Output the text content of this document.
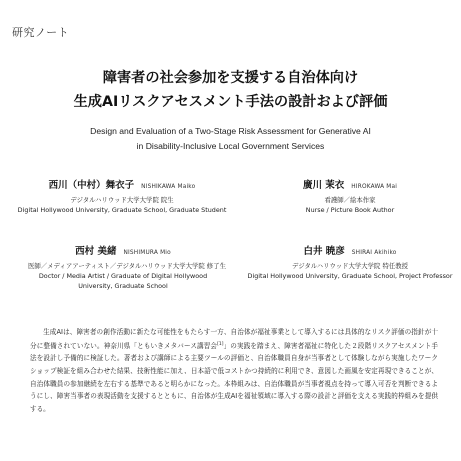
研究ノート
障害者の社会参加を支援する自治体向け
生成AIリスクアセスメント手法の設計および評価
Design and Evaluation of a Two-Stage Risk Assessment for Generative AI
in Disability-Inclusive Local Government Services
西川（中村）舞衣子 NISHIKAWA Maiko
デジタルハリウッド大学大学院 院生
Digital Hollywood University, Graduate School, Graduate Student
廣川 茉衣 HIROKAWA Mai
看護師／絵本作家
Nurse / Picture Book Author
西村 美緒 NISHIMURA Mio
医師／メディアアーティスト／デジタルハリウッド大学大学院 修了生
Doctor / Media Artist / Graduate of Digital Hollywood University, Graduate School
白井 暁彦 SHIRAI Akihiko
デジタルハリウッド大学大学院 特任教授
Digital Hollywood University, Graduate School, Project Professor

生成AIは、障害者の創作活動に新たな可能性をもたらす一方、自治体が福祉事業として導入するには具体的なリスク評価の指針が十分に整備されていない。神奈川県「ともいきメタバース講習会[1]」の実践を踏まえ、障害者福祉に特化した２段階リスクアセスメント手法を設計し予備的に検証した。著者および講師による主要ツールの評価と、自治体職員自身が当事者として体験しながら実施したワークショップ検証を組み合わせた結果、技術性能に加え、日本語で低コストかつ持続的に利用でき、意図した画風を安定再現できることが、自治体職員の参加継続を左右する基準であると明らかになった。本枠組みは、自治体職員が当事者視点を持って導入可否を判断できるようにし、障害当事者の表現活動を支援するとともに、自治体が生成AIを福祉領域に導入する際の設計と評価を支える実践的枠組みを提供する。
